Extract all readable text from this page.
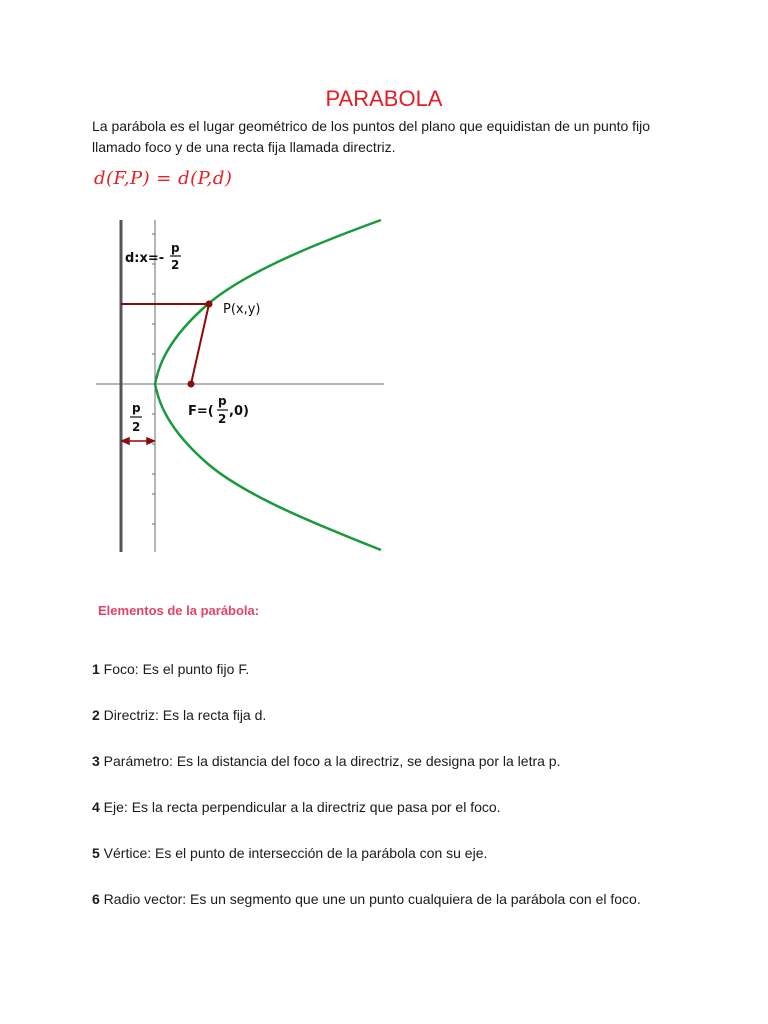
PARABOLA
La parábola es el lugar geométrico de los puntos del plano que equidistan de un punto fijo llamado foco y de una recta fija llamada directriz.
d(F,P) = d(P,d)
d:x=-
p
2
P(x,y)
F=(
p
2 ,0)
p
2
Elementos de la parábola:
1 Foco: Es el punto fijo F.
2 Directriz: Es la recta fija d.
3 Parámetro: Es la distancia del foco a la directriz, se designa por la letra p.
4 Eje: Es la recta perpendicular a la directriz que pasa por el foco.
5 Vértice: Es el punto de intersección de la parábola con su eje.
6 Radio vector: Es un segmento que une un punto cualquiera de la parábola con el foco.
